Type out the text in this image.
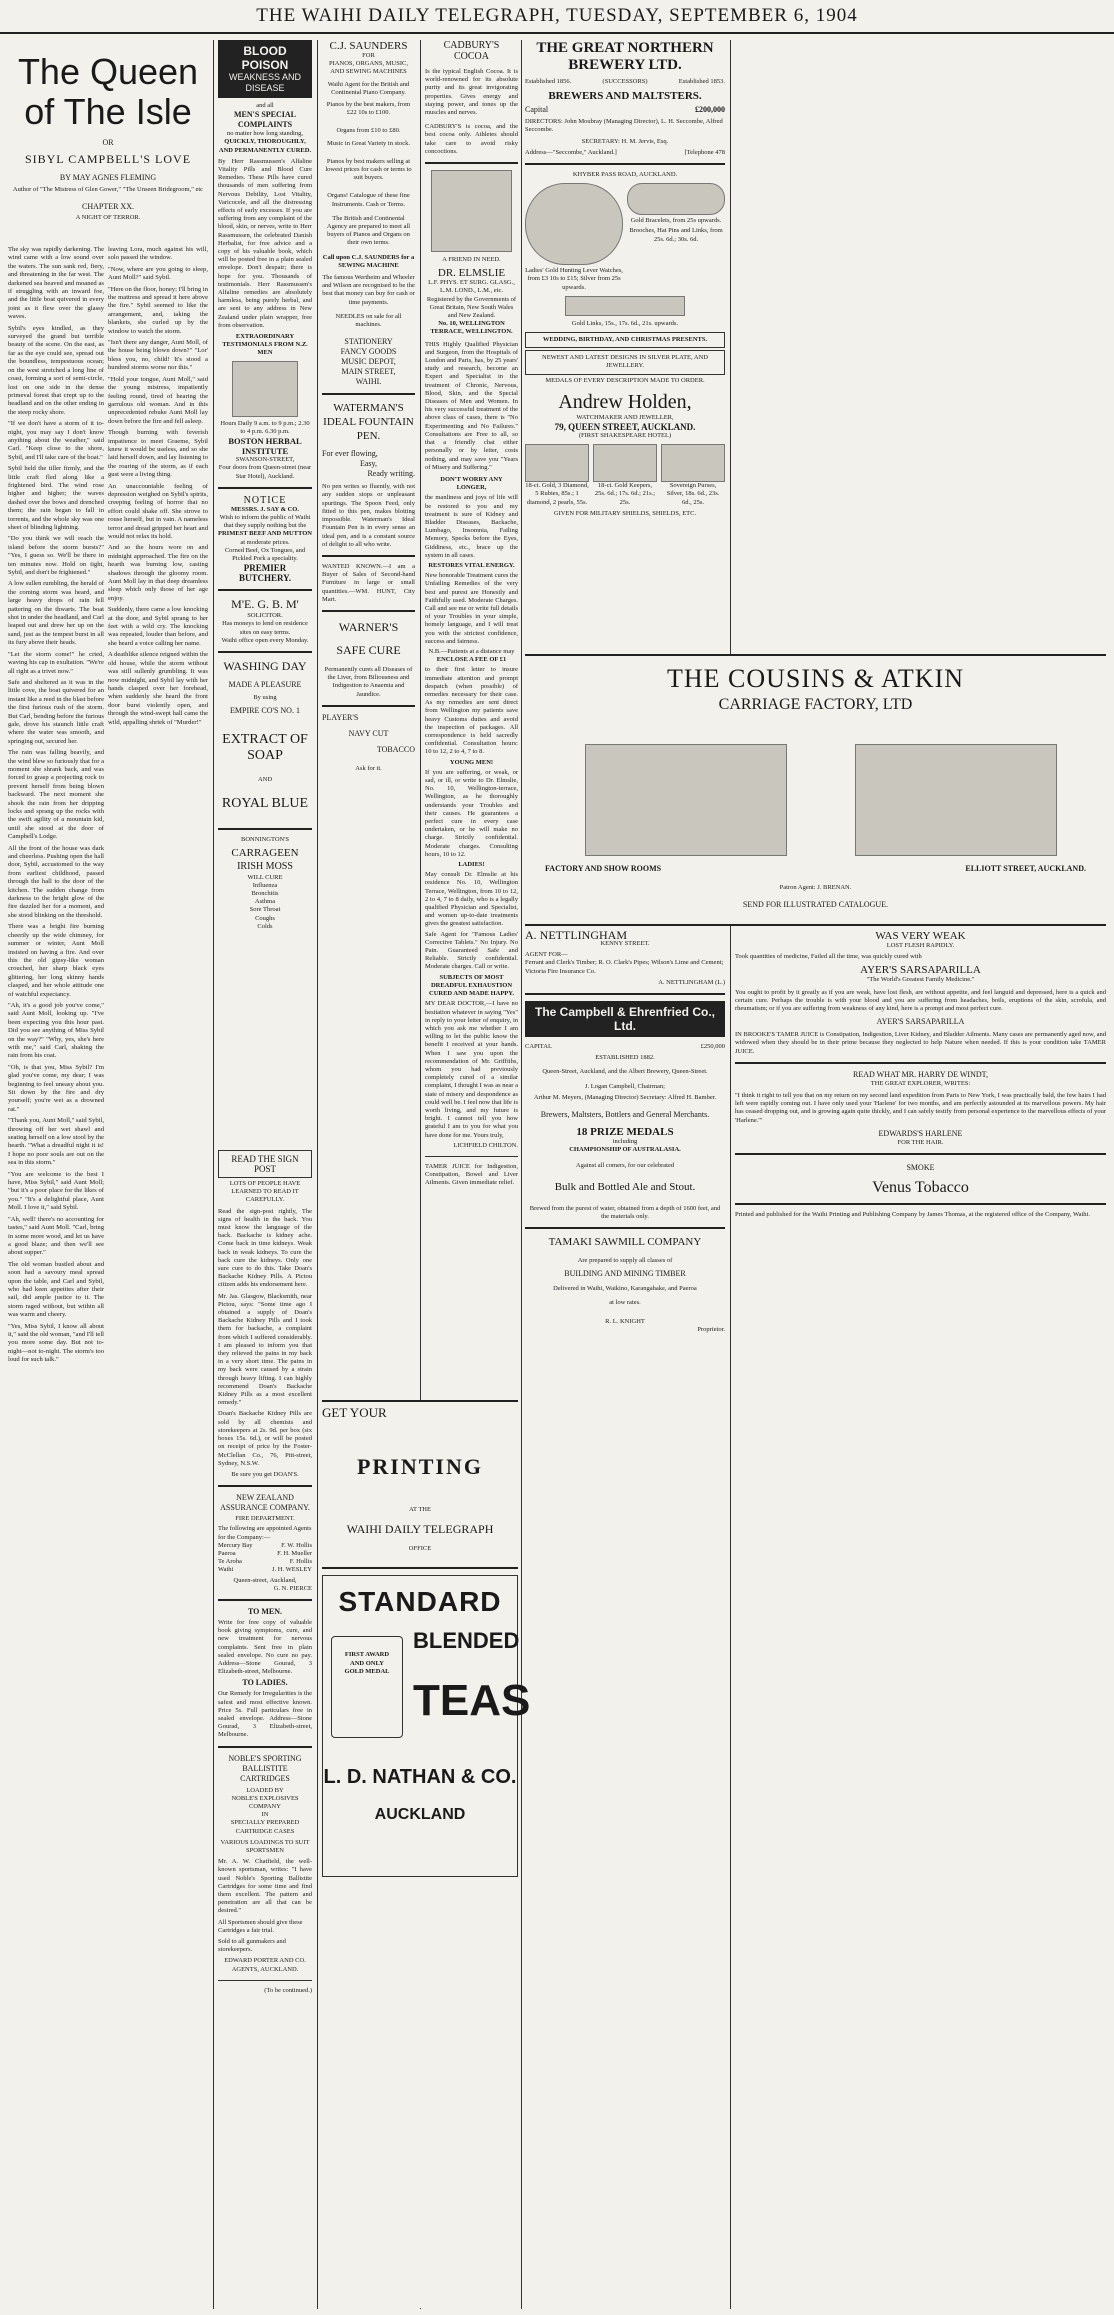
THE WAIHI DAILY TELEGRAPH, TUESDAY, SEPTEMBER 6, 1904
The Queen of The Isle
OR
SIBYL CAMPBELL'S LOVE
BY MAY AGNES FLEMING
Author of "The Mistress of Glen Gower," "The Unseen Bridegroom," etc
CHAPTER XX.
A NIGHT OF TERROR.
BLOOD POISON
WEAKNESS AND DISEASE
and all
MEN'S SPECIAL COMPLAINTS
no matter how long standing,
QUICKLY, THOROUGHLY, AND PERMANENTLY CURED.

By Herr Rassmussen's Alfaline Vitality Pills and Blood Cure Remedies. These Pills have cured thousands of men suffering from Nervous Debility, Lost Vitality, Varicocele, and all the distressing effects of early excesses. If you are suffering from any complaint of the blood, skin, or nerves, write to Herr Rassmussen, the celebrated Danish Herbalist, for free advice and a copy of his valuable book, which will be posted free in a plain sealed envelope. Don't despair; there is hope for you. Thousands of testimonials. Herr Rassmussen's Alfaline remedies are absolutely harmless, being purely herbal, and are sent to any address in New Zealand under plain wrapper, free from observation.

EXTRAORDINARY TESTIMONIALS FROM N.Z. MEN
Hours Daily 9 a.m. to 9 p.m.; 2.30 to 4 p.m. 6.30 p.m.
BOSTON HERBAL INSTITUTE
SWANSON-STREET,
Four doors from Queen-street (near Star Hotel), Auckland.
NOTICE
MESSRS. J. SAY & CO.
Wish to inform the public of Waihi that they supply nothing but the
PRIMEST BEEF AND MUTTON
at moderate prices.
Corned Beef, Ox Tongues, and Pickled Pork a speciality.
PREMIER BUTCHERY.
M'E. G. B. M'
SOLICITOR.
Has moneys to lend on residence sites on easy terms.
Waihi office open every Monday.
WASHING DAY
MADE A PLEASURE
By using
EMPIRE CO'S NO. 1
EXTRACT OF SOAP
AND
ROYAL BLUE
BONNINGTON'S
CARRAGEEN
IRISH MOSS
WILL CURE
Influenza
Bronchitis
Asthma
Sore Throat
Coughs
Colds
C.J. SAUNDERS
FOR
PIANOS, ORGANS, MUSIC, AND SEWING MACHINES
Waihi Agent for the British and Continental Piano Company.
Pianos by the best makers, from £22 10s to £100.
Organs from £10 to £80.
Music in Great Variety in stock.
Pianos by best makers selling at lowest prices for cash or terms to suit buyers.
Organs! Catalogue of these fine Instruments. Cash or Terms.
The British and Continental Agency are prepared to meet all buyers of Pianos and Organs on their own terms.
Call upon C.J. SAUNDERS for a SEWING MACHINE
The famous Wertheim and Wheeler and Wilson are recognised to be the best that money can buy for cash or time payments.
NEEDLES on sale for all machines.
STATIONERY
FANCY GOODS
MUSIC DEPOT,
MAIN STREET,
WAIHI.
WATERMAN'S IDEAL FOUNTAIN PEN.
For ever flowing,
Easy,
Ready writing.

No pen writes so fluently, with not any sudden stops or unpleasant spurtings. The Spoon Feed, only fitted to this pen, makes blotting impossible. Waterman's Ideal Fountain Pen is in every sense an ideal pen, and is a constant source of delight to all who write.

WANTED KNOWN.—I am a Buyer of Sales of Second-hand Furniture in large or small quantities.—WM. HUNT, City Mart.

WARNER'S
SAFE CURE
Permanently cures all Diseases of the Liver, from Biliousness and Indigestion to Anaemia and Jaundice.
PLAYER'S
NAVY CUT
TOBACCO
Ask for it.
CADBURY'S COCOA

Is the typical English Cocoa. It is world-renowned for its absolute purity and its great invigorating properties. Gives energy and staying power, and tones up the muscles and nerves.

CADBURY'S is cocoa, and the best cocoa only. Athletes should take care to avoid risky concoctions.

A FRIEND IN NEED.
DR. ELMSLIE
L.F. PHYS. ET SURG. GLASG., L.M. LOND., L.M., etc.
Registered by the Governments of Great Britain, New South Wales and New Zealand.
No. 10, WELLINGTON TERRACE, WELLINGTON.

THIS Highly Qualified Physician and Surgeon, from the Hospitals of London and Paris, has, by 25 years' study and research, become an Expert and Specialist in the treatment of Chronic, Nervous, Blood, Skin, and the Special Diseases of Men and Women. In his very successful treatment of the above class of cases, there is "No Experimenting and No Failures." Consultations are Free to all, so that a friendly chat either personally or by letter, costs nothing, and may save you "Years of Misery and Suffering."

DON'T WORRY ANY LONGER,

the manliness and joys of life will be restored to you and my treatment is sure of Kidney and Bladder Diseases, Backache, Lumbago, Insomnia, Failing Memory, Specks before the Eyes, Giddiness, etc., brace up the system in all cases.

RESTORES VITAL ENERGY.

New honorable Treatment cures the Unfailing Remedies of the very best and purest are Honestly and Faithfully used. Moderate Charges. Call and see me or write full details of your Troubles in your simple, homely language, and I will treat you with the strictest confidence, success and fairness.

N.B.—Patients at a distance may
ENCLOSE A FEE OF £1

to their first letter to insure immediate attention and prompt despatch (when possible) of remedies necessary for their case. As my remedies are sent direct from Wellington my patients save heavy Customs duties and avoid the inspection of packages. All correspondence is held sacredly confidential. Consultation hours: 10 to 12, 2 to 4, 7 to 8.

YOUNG MEN!

If you are suffering, or weak, or sad, or ill, or write to Dr. Elmslie, No. 10, Wellington-terrace, Wellington, as he thoroughly understands your Troubles and their causes. He guarantees a perfect cure in every case undertaken, or he will make no charge. Strictly confidential. Moderate charges. Consulting hours, 10 to 12.

LADIES!

May consult Dr. Elmslie at his residence No. 10, Wellington Terrace, Wellington, from 10 to 12, 2 to 4, 7 to 8 daily, who is a legally qualified Physician and Specialist, and women up-to-date treatments gives the greatest satisfaction.

Safe Agent for "Famous Ladies' Corrective Tablets." No Injury. No Pain. Guaranteed Safe and Reliable. Strictly confidential. Moderate charges. Call or write.

SUBJECTS OF MOST DREADFUL EXHAUSTION CURED AND MADE HAPPY.

MY DEAR DOCTOR,—I have no hesitation whatever in saying "Yes" in reply to your letter of enquiry, in which you ask me whether I am willing to let the public know the benefit I received at your hands. When I saw you upon the recommendation of Mr. Griffiths, whom you had previously completely cured of a similar complaint, I thought I was as near a state of misery and despondence as could well be. I feel now that life is worth living, and my future is bright. I cannot tell you how grateful I am to you for what you have done for me. Yours truly,

LICHFIELD CHILTON.

TAMER JUICE for Indigestion, Constipation, Bowel and Liver Ailments. Given immediate relief.

THE GREAT NORTHERN BREWERY LTD.
Established 1856.	(SUCCESSORS)	Established 1853.
BREWERS AND MALTSTERS.
Capital	£200,000
DIRECTORS: John Moubray (Managing Director), L. H. Seccombe, Alfred Seccombe.
SECRETARY: H. M. Jervis, Esq.
Address—"Seccombe," Auckland.]	[Telephone 478
KHYBER PASS ROAD, AUCKLAND.
Ladies' Gold Hunting Lever Watches, from £3 10s to £15; Silver from 25s upwards.
Gold Bracelets, from 25s upwards.
Brooches, Hat Pins and Links, from 25s. 6d.; 30s. 6d.
Gold Links, 15s., 17s. 6d., 21s. upwards.
WEDDING, BIRTHDAY, AND CHRISTMAS PRESENTS.
NEWEST AND LATEST DESIGNS IN SILVER PLATE, AND JEWELLERY.
MEDALS OF EVERY DESCRIPTION MADE TO ORDER.
Andrew Holden,
WATCHMAKER AND JEWELLER,
79, QUEEN STREET, AUCKLAND.
(FIRST SHAKESPEARE HOTEL)
18-ct. Gold, 3 Diamond, 5 Rubies, 85s.; 1 diamond, 2 pearls, 55s.
18-ct. Gold Keepers, 25s. 6d.; 17s. 6d.; 21s.; 25s.
Sovereign Purses, Silver, 18s. 6d., 23s. 6d., 25s.
GIVEN FOR MILITARY SHIELDS, SHIELDS, ETC.
THE COUSINS & ATKIN
CARRIAGE FACTORY, LTD
FACTORY AND SHOW ROOMS	ELLIOTT STREET, AUCKLAND.
Patron Agent: J. BRENAN.
SEND FOR ILLUSTRATED CATALOGUE.
A. NETTLINGHAM
KENNY STREET.
AGENT FOR—
Ferrant and Clerk's Timber; R. O. Clark's Pipes; Wilson's Lime and Cement; Victoria Fire Insurance Co.
A. NETTLINGHAM (L.)
The Campbell & Ehrenfried Co., Ltd.
CAPITAL	£250,000
ESTABLISHED 1882.
Queen-Street, Auckland, and the Albert Brewery, Queen-Street.
J. Logan Campbell, Chairman;
Arthur M. Meyers, (Managing Director) Secretary: Alfred H. Bamber.
Brewers, Maltsters, Bottlers and General Merchants.
18 PRIZE MEDALS
including
CHAMPIONSHIP OF AUSTRALASIA.
Against all comers, for our celebrated
Bulk and Bottled Ale and Stout.
Brewed from the purest of water, obtained from a depth of 1600 feet, and the materials only.
TAMAKI SAWMILL COMPANY
Are prepared to supply all classes of
BUILDING AND MINING TIMBER
Delivered in Waihi, Waikino, Karangahake, and Paeroa
at low rates.
R. L. KNIGHT
Proprietor.
WAS VERY WEAK
LOST FLESH RAPIDLY.
Took quantities of medicine, Failed all the time, was quickly cured with
AYER'S SARSAPARILLA
"The World's Greatest Family Medicine."

You ought to profit by it greatly as if you are weak, have lost flesh, are without appetite, and feel languid and depressed, here is a quick and certain cure. Perhaps the trouble is with your blood and you are suffering from headaches, boils, eruptions of the skin, scrofula, and rheumatism; or if you are suffering from weakness of any kind, here is a prompt and most perfect cure.

AYER'S SARSAPARILLA

IN BROOKE'S TAMER JUICE is Constipation, Indigestion, Liver Kidney, and Bladder Ailments. Many cases are permanently aged now, and widowed when they should be in their prime because they neglected to help Nature when needed. If this is your condition take TAMER JUICE.

READ WHAT MR. HARRY DE WINDT,
THE GREAT EXPLORER, WRITES:

"I think it right to tell you that on my return on my second land expedition from Paris to New York, I was practically bald, the few hairs I had left were rapidly coming out. I have only used your 'Harlene' for two months, and am perfectly astounded at its marvellous powers. My hair has ceased dropping out, and is growing again quite thickly, and I can safely testify from personal experience to the marvellous effects of your 'Harlene.'"

EDWARDS'S HARLENE
FOR THE HAIR.
SMOKE
Venus Tobacco

Printed and published for the Waihi Printing and Publishing Company by James Thomas, at the registered office of the Company, Waihi.

READ THE SIGN POST
LOTS OF PEOPLE HAVE LEARNED TO READ IT CAREFULLY.

Read the sign-post rightly, The signs of health in the back. You must know the language of the back. Backache is kidney ache. Come back in time kidneys. Weak back in weak kidneys. To cure the back cure the kidneys. Only one sure cure to do this. Take Doan's Backache Kidney Pills. A Pictou citizen adds his endorsement here.

Mr. Jas. Glasgow, Blacksmith, near Pictou, says: "Some time ago I obtained a supply of Doan's Backache Kidney Pills and I took them for backache, a complaint from which I suffered considerably. I am pleased to inform you that they relieved the pains in my back in a very short time. The pains in my back were caused by a strain through heavy lifting. I can highly recommend Doan's Backache Kidney Pills as a most excellent remedy."

Doan's Backache Kidney Pills are sold by all chemists and storekeepers at 2s. 9d. per box (six boxes 15s. 6d.), or will be posted on receipt of price by the Foster-McClellan Co., 76, Pitt-street, Sydney, N.S.W.

Be sure you get DOAN'S.
NEW ZEALAND ASSURANCE COMPANY.
FIRE DEPARTMENT.
The following are appointed Agents for the Company:—
Mercury Bay	F. W. Hollis
Paeroa	F. H. Mueller
Te Aroha	F. Hollis
Waihi	J. H. WESLEY
Queen-street, Auckland,
G. N. PIERCE
TO MEN.

Write for free copy of valuable book giving symptoms, cure, and new treatment for nervous complaints. Sent free in plain sealed envelope. No cure no pay. Address—Stone Gourad, 3 Elizabeth-street, Melbourne.

TO LADIES.

Our Remedy for Irregularities is the safest and most effective known. Price 5s. Full particulars free in sealed envelope. Address—Stone Gourad, 3 Elizabeth-street, Melbourne.

NOBLE'S SPORTING BALLISTITE CARTRIDGES
LOADED BY
NOBLE'S EXPLOSIVES COMPANY
IN
SPECIALLY PREPARED CARTRIDGE CASES
VARIOUS LOADINGS TO SUIT SPORTSMEN

Mr. A. W. Chatfield, the well-known sportsman, writes: "I have used Noble's Sporting Ballistite Cartridges for some time and find them excellent. The pattern and penetration are all that can be desired."

All Sportsmen should give these Cartridges a fair trial.
Sold to all gunmakers and storekeepers.
EDWARD PORTER AND CO. AGENTS, AUCKLAND.
(To be continued.)
GET YOUR
PRINTING
AT THE
WAIHI DAILY TELEGRAPH
OFFICE
STANDARD
FIRST AWARD
AND ONLY
GOLD MEDAL
BLENDED
TEAS
L. D. NATHAN & CO.
AUCKLAND

leaving Lora, much against his will, solo passed the window.

"Now, where are you going to sleep, Aunt Moll?" said Sybil.

"Here on the floor, honey; I'll bring in the mattress and spread it here above the fire." Sybil seemed to like the arrangement, and, taking the blankets, she curled up by the window to watch the storm.

"Isn't there any danger, Aunt Moll, of the house being blown down?" "Lor' bless you, no, child! It's stood a hundred storms worse nor this."

"Hold your tongue, Aunt Moll," said the young mistress, impatiently feeling round, tired of hearing the garrulous old woman. And in this unprecedented rebuke Aunt Moll lay down before the fire and fell asleep.

Though burning with feverish impatience to meet Graeme, Sybil knew it would be useless, and so she laid herself down, and lay listening to the roaring of the storm, as if each gust were a living thing.

An unaccountable feeling of depression weighed on Sybil's spirits, creeping feeling of horror that no effort could shake off. She strove to rouse herself, but in vain. A nameless terror and dread gripped her heart and would not relax its hold.

And so the hours wore on and midnight approached. The fire on the hearth was burning low, casting shadows through the gloomy room. Aunt Moll lay in that deep dreamless sleep which only those of her age enjoy.

Suddenly, there came a low knocking at the door, and Sybil sprang to her feet with a wild cry. The knocking was repeated, louder than before, and she heard a voice calling her name.

A deathlike silence reigned within the old house, while the storm without was still sullenly grumbling. It was now midnight, and Sybil lay with her hands clasped over her forehead, when suddenly she heard the front door burst violently open, and through the wind-swept hall came the wild, appalling shriek of "Murder!"

The sky was rapidly darkening. The wind came with a low sound over the waters. The sun sank red, fiery, and threatening in the far west. The darkened sea heaved and moaned as if struggling with an inward foe, and the little boat quivered in every joint as it flew over the glassy waves.

Sybil's eyes kindled, as they surveyed the grand but terrible beauty of the scene. On the east, as far as the eye could see, spread out the boundless, tempestuous ocean; on the west stretched a long line of coast, forming a sort of semi-circle, lost on one side in the dense primeval forest that crept up to the headland and on the other ending in the steep rocky shore.

"If we don't have a storm of it to-night, you may say I don't know anything about the weather," said Carl. "Keep close to the shore, Sybil, and I'll take care of the boat."

Sybil held the tiller firmly, and the little craft fled along like a frightened bird. The wind rose higher and higher; the waves dashed over the bows and drenched them; the rain began to fall in torrents, and the whole sky was one sheet of blinding lightning.

"Do you think we will reach the island before the storm bursts?" "Yes, I guess so. We'll be there in ten minutes now. Hold on tight, Sybil, and don't be frightened."

A low sullen rumbling, the herald of the coming storm was heard, and large heavy drops of rain fell pattering on the thwarts. The boat shot in under the headland, and Carl leaped out and drew her up on the sand, just as the tempest burst in all its fury above their heads.

"Let the storm come!" he cried, waving his cap in exultation. "We're all right as a trivet now."

Safe and sheltered as it was in the little cove, the boat quivered for an instant like a reed in the blast before the first furious rush of the storm. But Carl, bending before the furious gale, drove his staunch little craft where the water was smooth, and springing out, secured her.

The rain was falling heavily, and the wind blew so furiously that for a moment she shrank back, and was forced to grasp a projecting rock to prevent herself from being blown backward. The next moment she shook the rain from her dripping locks and sprang up the rocks with the swift agility of a mountain kid, until she stood at the door of Campbell's Lodge.

All the front of the house was dark and cheerless. Pushing open the hall door, Sybil, accustomed to the way from earliest childhood, passed through the hall to the door of the kitchen. The sudden change from darkness to the bright glow of the fire dazzled her for a moment, and she stood blinking on the threshold.

There was a bright fire burning cheerily up the wide chimney, for summer or winter, Aunt Moll insisted on having a fire. And over this the old gipsy-like woman crouched, her sharp black eyes glittering, her long skinny hands clasped, and her whole attitude one of watchful expectancy.

"Ah, it's a good job you've come," said Aunt Moll, looking up. "I've been expecting you this hour past. Did you see anything of Miss Sybil on the way?" "Why, yes, she's here with me," said Carl, shaking the rain from his coat.

"Oh, is that you, Miss Sybil? I'm glad you've come, my dear; I was beginning to feel uneasy about you. Sit down by the fire and dry yourself; you're wet as a drowned rat."

"Thank you, Aunt Moll," said Sybil, throwing off her wet shawl and seating herself on a low stool by the hearth. "What a dreadful night it is! I hope no poor souls are out on the sea in this storm."

"You are welcome to the best I have, Miss Sybil," said Aunt Moll; "but it's a poor place for the likes of you." "It's a delightful place, Aunt Moll. I love it," said Sybil.

"Ah, well! there's no accounting for tastes," said Aunt Moll. "Carl, bring in some more wood, and let us have a good blaze; and then we'll see about supper."

The old woman bustled about and soon had a savoury meal spread upon the table, and Carl and Sybil, who had keen appetites after their sail, did ample justice to it. The storm raged without, but within all was warm and cheery.

"Yes, Miss Sybil, I know all about it," said the old woman, "and I'll tell you more some day. But not to-night—not to-night. The storm's too loud for such talk."
